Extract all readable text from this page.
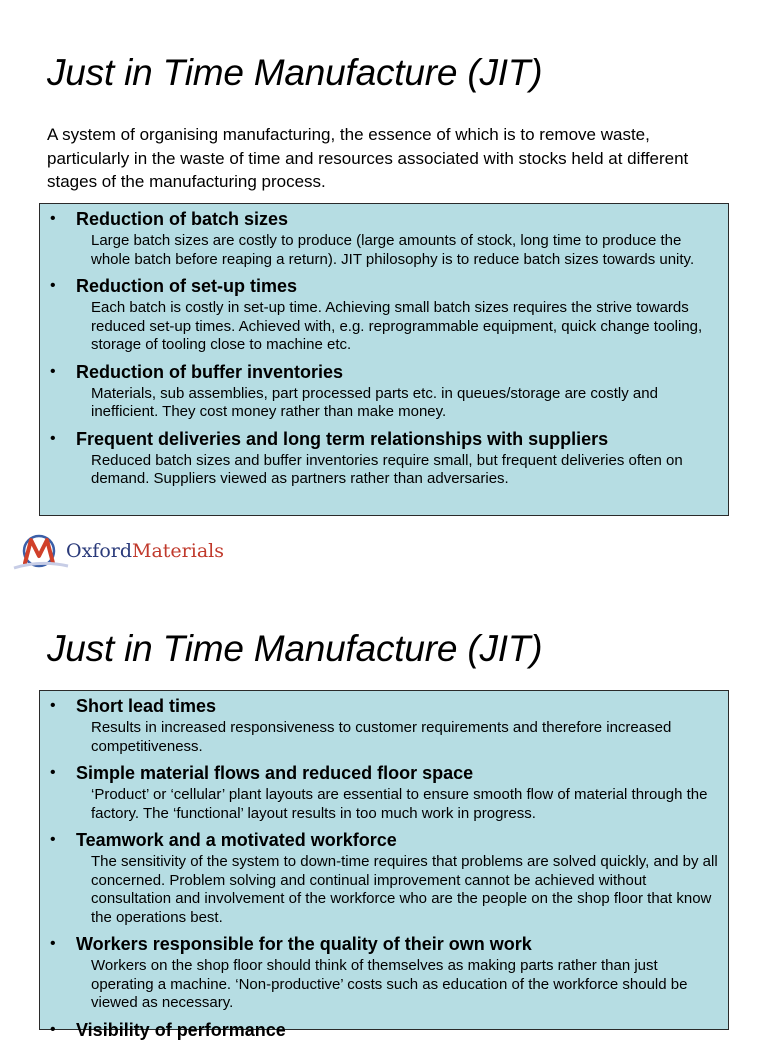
Just in Time Manufacture (JIT)

A system of organising manufacturing, the essence of which is to remove waste, particularly in the waste of time and resources associated with stocks held at different stages of the manufacturing process.

• Reduction of batch sizes

Large batch sizes are costly to produce (large amounts of stock, long time to produce the whole batch before reaping a return). JIT philosophy is to reduce batch sizes towards unity.

• Reduction of set-up times

Each batch is costly in set-up time. Achieving small batch sizes requires the strive towards reduced set-up times. Achieved with, e.g. reprogrammable equipment, quick change tooling, storage of tooling close to machine etc.

• Reduction of buffer inventories

Materials, sub assemblies, part processed parts etc. in queues/storage are costly and inefficient. They cost money rather than make money.

• Frequent deliveries and long term relationships with suppliers

Reduced batch sizes and buffer inventories require small, but frequent deliveries often on demand. Suppliers viewed as partners rather than adversaries.

OxfordMaterials
Just in Time Manufacture (JIT)
• Short lead times

Results in increased responsiveness to customer requirements and therefore increased competitiveness.

• Simple material flows and reduced floor space

‘Product’ or ‘cellular’ plant layouts are essential to ensure smooth flow of material through the factory. The ‘functional’ layout results in too much work in progress.

• Teamwork and a motivated workforce

The sensitivity of the system to down-time requires that problems are solved quickly, and by all concerned. Problem solving and continual improvement cannot be achieved without consultation and involvement of the workforce who are the people on the shop floor that know the operations best.

• Workers responsible for the quality of their own work

Workers on the shop floor should think of themselves as making parts rather than just operating a machine. ‘Non-productive’ costs such as education of the workforce should be viewed as necessary.

• Visibility of performance
